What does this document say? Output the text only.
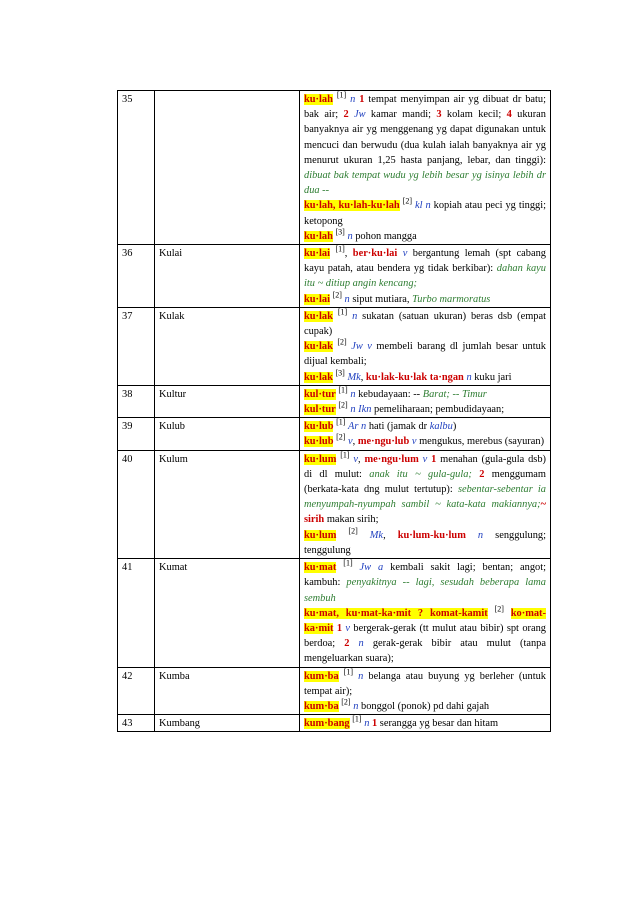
35		ku·lah [1] n 1 tempat menyimpan air yg dibuat dr batu; bak air; 2 Jw kamar mandi; 3 kolam kecil; 4 ukuran banyaknya air yg menggenang yg dapat digunakan untuk mencuci dan berwudu (dua kulah ialah banyaknya air yg menurut ukuran 1,25 hasta panjang, lebar, dan tinggi): dibuat bak tempat wudu yg lebih besar yg isinya lebih dr dua --
ku·lah, ku·lah-ku·lah [2] kl n kopiah atau peci yg tinggi; ketopong
ku·lah [3] n pohon mangga

36	Kulai	ku·lai [1], ber·ku·lai v bergantung lemah (spt cabang kayu patah, atau bendera yg tidak berkibar): dahan kayu itu ~ ditiup angin kencang;
ku·lai [2] n siput mutiara, Turbo marmoratus

37	Kulak	ku·lak [1] n sukatan (satuan ukuran) beras dsb (empat cupak)
ku·lak [2] Jw v membeli barang dl jumlah besar untuk dijual kembali;
ku·lak [3] Mk, ku·lak-ku·lak ta·ngan n kuku jari

38	Kultur	kul·tur [1] n kebudayaan: -- Barat; -- Timur
kul·tur [2] n Ikn pemeliharaan; pembudidayaan;

39	Kulub	ku·lub [1] Ar n hati (jamak dr kalbu)
ku·lub [2] v, me·ngu·lub v mengukus, merebus (sayuran)

40	Kulum	ku·lum [1] v, me·ngu·lum v 1 menahan (gula-gula dsb) di dl mulut: anak itu ~ gula-gula; 2 menggumam (berkata-kata dng mulut tertutup): sebentar-sebentar ia menyumpah-nyumpah sambil ~ kata-kata makiannya;~ sirih makan sirih;
ku·lum [2] Mk, ku·lum-ku·lum n senggulung; tenggulung

41	Kumat	ku·mat [1] Jw a kembali sakit lagi; bentan; angot; kambuh: penyakitnya -- lagi, sesudah beberapa lama sembuh
ku·mat, ku·mat-ka·mit ? komat-kamit [2] ko·mat-ka·mit 1 v bergerak-gerak (tt mulut atau bibir) spt orang berdoa; 2 n gerak-gerak bibir atau mulut (tanpa mengeluarkan suara);

42	Kumba	kum·ba [1] n belanga atau buyung yg berleher (untuk tempat air);
kum·ba [2] n bonggol (ponok) pd dahi gajah

43	Kumbang	kum·bang [1] n 1 serangga yg besar dan hitam
